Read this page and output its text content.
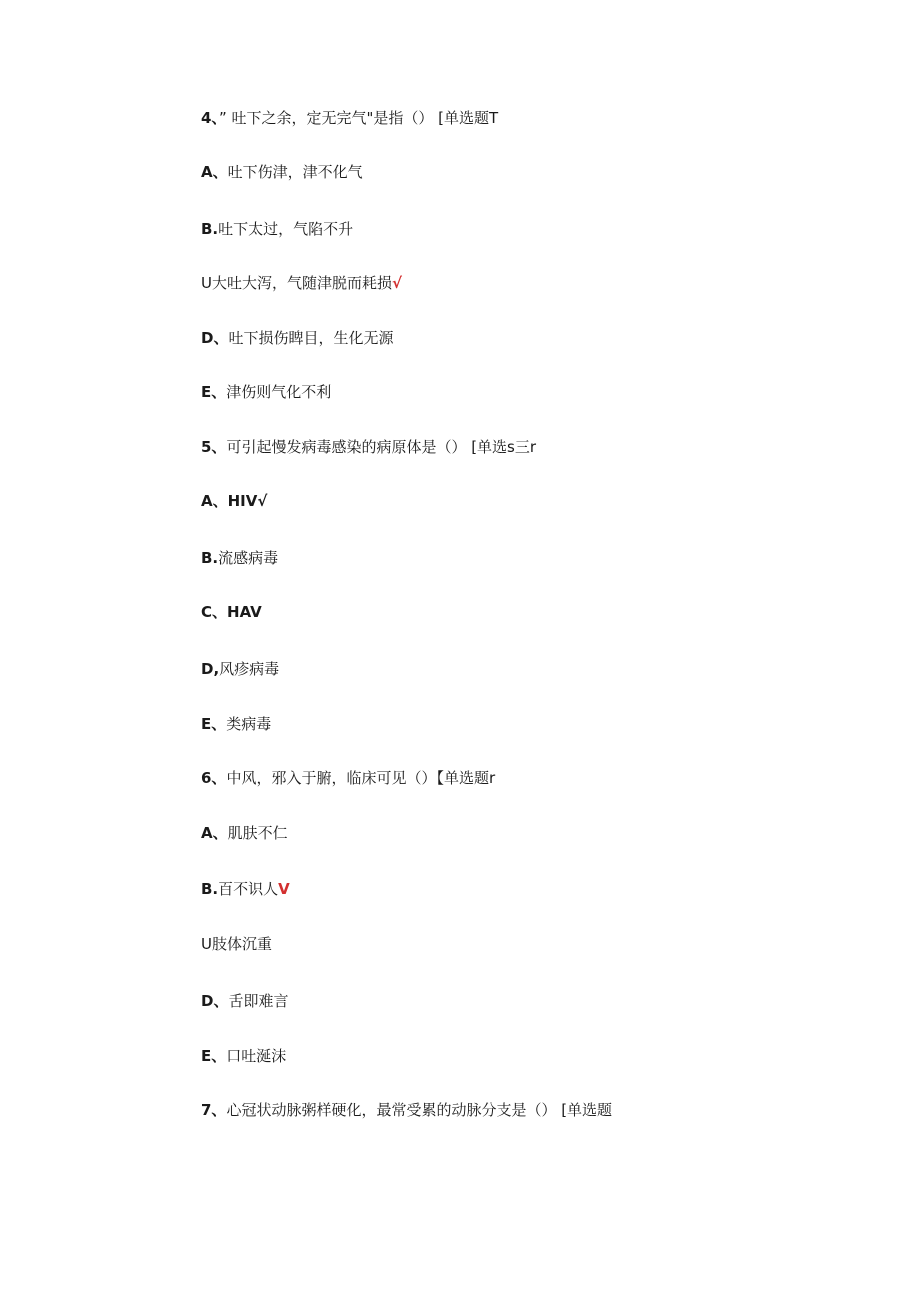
4、” 吐下之余，定无完气"是指（） [单选题T
A、吐下伤津，津不化气
B.吐下太过，气陷不升
U大吐大泻，气随津脱而耗损√
D、吐下损伤睥目，生化无源
E、津伤则气化不利
5、可引起慢发病毒感染的病原体是（） [单选s三r
A、HIV√
B.流感病毒
C、HAV
D,风疹病毒
E、类病毒
6、中风，邪入于腑，临床可见（）【单选题r
A、肌肤不仁
B.百不识人V
U肢体沉重
D、舌即难言
E、口吐涎沫
7、心冠状动脉粥样硬化，最常受累的动脉分支是（） [单选题
